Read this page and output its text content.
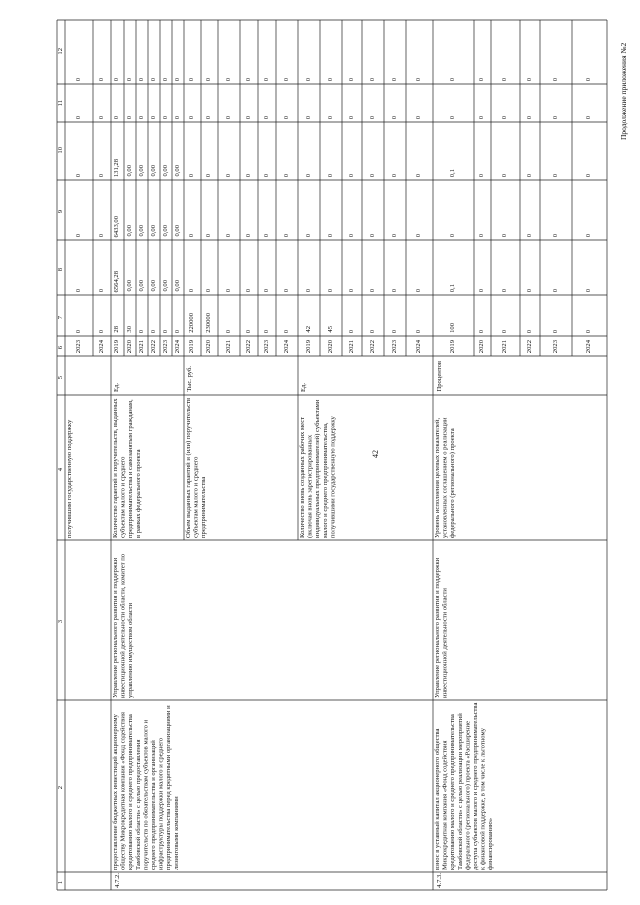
1
2
3
4
5
6
7
8
9
10
11
12
получившим государственную поддержку
2023
0
0
0
0
0
0
2024
0
0
0
0
0
0
4.7.2.
предоставление бюджетных инвестиций акционерному обществу Микрокредитная компания «Фонд содействия кредитованию малого и среднего предпринимательства Тамбовской области» с целью предоставления поручительств по обязательствам субъектов малого и среднего предпринимательства и организаций инфраструктуры поддержки малого и среднего предпринимательства перед кредитными организациями и лизинговыми компаниями
Управление регионального развития и поддержки инвестиционной деятельности области, комитет по управлению имуществом области
Количество гарантий и поручительств, выданных субъектам малого и среднего предпринимательства и самозанятым гражданам, в рамках федерального проекта
Ед.
2019
28
6564,28
6433,00
131,28
0
0
2020
30
0,00
0,00
0,00
0
0
2021
0
0,00
0,00
0,00
0
0
2022
0
0,00
0,00
0,00
0
0
2023
0
0,00
0,00
0,00
0
0
2024
0
0,00
0,00
0,00
0
0
Объем выданных гарантий и (или) поручительств субъектам малого и среднего предпринимательства
Тыс. руб.
2019
220000
0
0
0
0
0
2020
230000
0
0
0
0
0
2021
0
0
0
0
0
0
2022
0
0
0
0
0
0
2023
0
0
0
0
0
0
2024
0
0
0
0
0
0
Количество вновь созданных рабочих мест (включая вновь зарегистрированных индивидуальных предпринимателей) субъектами малого и среднего предпринимательства, получившими государственную поддержку
Ед.
2019
42
0
0
0
0
0
2020
45
0
0
0
0
0
2021
0
0
0
0
0
0
2022
0
0
0
0
0
0
2023
0
0
0
0
0
0
2024
0
0
0
0
0
0
4.7.3.
взнос в уставный капитал акционерного общества Микрокредитная компания «Фонд содействия кредитованию малого и среднего предпринимательства Тамбовской области» с целью реализации мероприятий федерального (регионального) проекта «Расширение доступа субъектов малого и среднего предпринимательства к финансовой поддержке, в том числе к льготному финансированию»
Управление регионального развития и поддержки инвестиционной деятельности области
Уровень исполнения целевых показателей, установленных соглашением о реализации федерального (регионального) проекта
Процентов
2019
100
0,1
0
0,1
0
0
2020
0
0
0
0
0
0
2021
0
0
0
0
0
0
2022
0
0
0
0
0
0
2023
0
0
0
0
0
0
2024
0
0
0
0
0
0	Продолжение приложения №2
42
